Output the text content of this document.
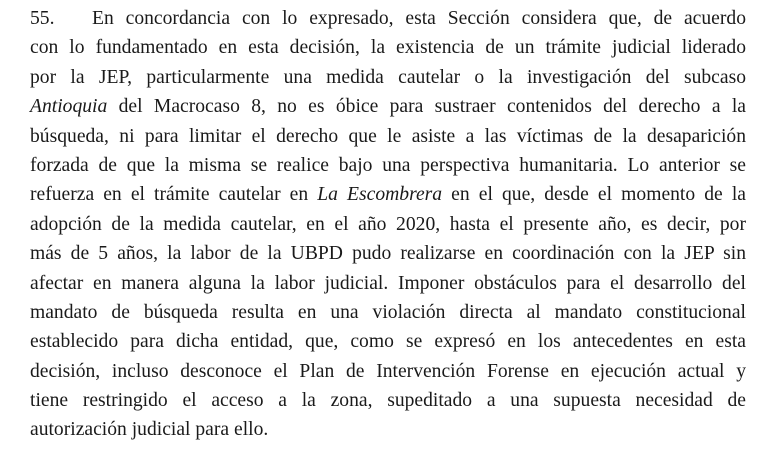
55. En concordancia con lo expresado, esta Sección considera que, de acuerdo
con lo fundamentado en esta decisión, la existencia de un trámite judicial liderado
por la JEP, particularmente una medida cautelar o la investigación del subcaso
Antioquia del Macrocaso 8, no es óbice para sustraer contenidos del derecho a la
búsqueda, ni para limitar el derecho que le asiste a las víctimas de la desaparición
forzada de que la misma se realice bajo una perspectiva humanitaria. Lo anterior se
refuerza en el trámite cautelar en La Escombrera en el que, desde el momento de la
adopción de la medida cautelar, en el año 2020, hasta el presente año, es decir, por
más de 5 años, la labor de la UBPD pudo realizarse en coordinación con la JEP sin
afectar en manera alguna la labor judicial. Imponer obstáculos para el desarrollo del
mandato de búsqueda resulta en una violación directa al mandato constitucional
establecido para dicha entidad, que, como se expresó en los antecedentes en esta
decisión, incluso desconoce el Plan de Intervención Forense en ejecución actual y
tiene restringido el acceso a la zona, supeditado a una supuesta necesidad de
autorización judicial para ello.
